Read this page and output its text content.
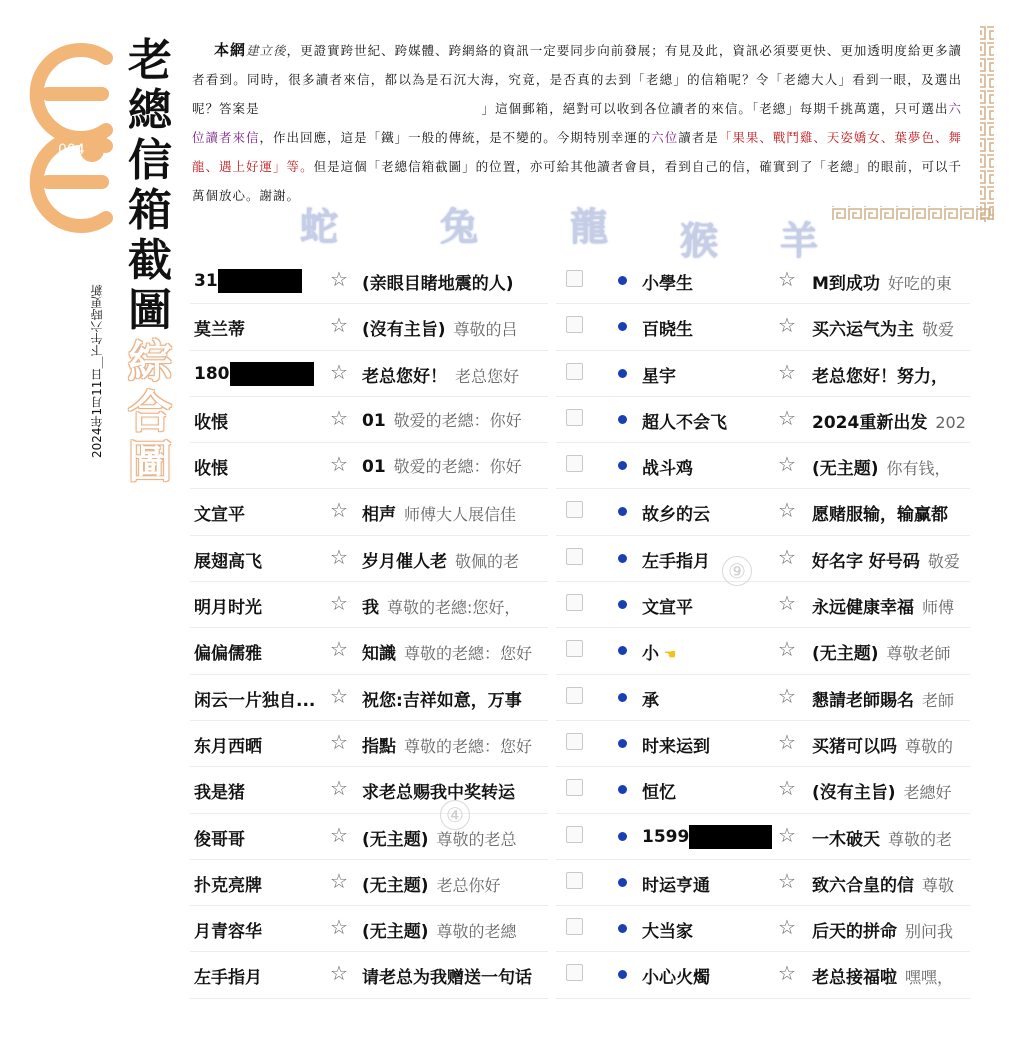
004
老
總
信
箱
截
圖
綜
合
圖
2024年1月11日＿下午六時更新
本網建立後，更證實跨世紀、跨媒體、跨網絡的資訊一定要同步向前發展；有見及此，資訊必須要更快、更加透明度給更多讀者看到。同時，很多讀者來信，都以為是石沉大海，究竟，是否真的去到「老總」的信箱呢？令「老總大人」看到一眼，及選出呢？答案是	」這個郵箱，絕對可以收到各位讀者的來信。「老總」每期千挑萬選，只可選出六位讀者來信，作出回應，這是「鐵」一般的傳統，是不變的。今期特別幸運的六位讀者是「果果、戰鬥雞、天姿嬌女、葉夢色、舞龍、遇上好運」等。但是這個「老總信箱截圖」的位置，亦可給其他讀者會員，看到自己的信，確實到了「老總」的眼前，可以千萬個放心。謝謝。
蛇	兔 龍 猴 羊
31	☆ (亲眼目睹地震的人)
莫兰蒂	☆ (沒有主旨) 尊敬的吕
180	☆ 老总您好！ 老总您好
收悵	☆ 01 敬爱的老總：你好
收悵	☆ 01 敬爱的老總：你好
文宣平	☆ 相声 师傅大人展信佳
展翅高飞	☆ 岁月催人老 敬佩的老
明月时光	☆ 我 尊敬的老總:您好，
偏偏儒雅	☆ 知識 尊敬的老總：您好
闲云一片独自... ☆ 祝您:吉祥如意，万事
东月西晒	☆ 指點 尊敬的老總：您好
我是猪	☆ 求老总赐我中奖转运
俊哥哥	☆ (无主题) 尊敬的老总
扑克亮牌	☆ (无主题) 老总你好
月青容华	☆ (无主题) 尊敬的老總
左手指月	☆ 请老总为我赠送一句话
小學生	☆ M到成功 好吃的東
百晓生	☆ 买六运气为主 敬爱
星宇	☆ 老总您好！努力，
超人不会飞	☆ 2024重新出发 202
战斗鸡	☆ (无主题) 你有钱，
故乡的云	☆ 愿赌服输，输赢都
左手指月	☆ 好名字 好号码 敬爱
文宣平	☆ 永远健康幸福 师傅
小 ☚	☆ (无主题) 尊敬老師
承	☆ 懇請老師賜名 老師
时来运到	☆ 买猪可以吗 尊敬的
恒忆	☆ (沒有主旨) 老總好
1599	☆ 一木破天 尊敬的老
时运亨通	☆ 致六合皇的信 尊敬
大当家	☆ 后天的拼命 别问我
小心火燭	☆ 老总接福啦 嘿嘿，
④
⑨
